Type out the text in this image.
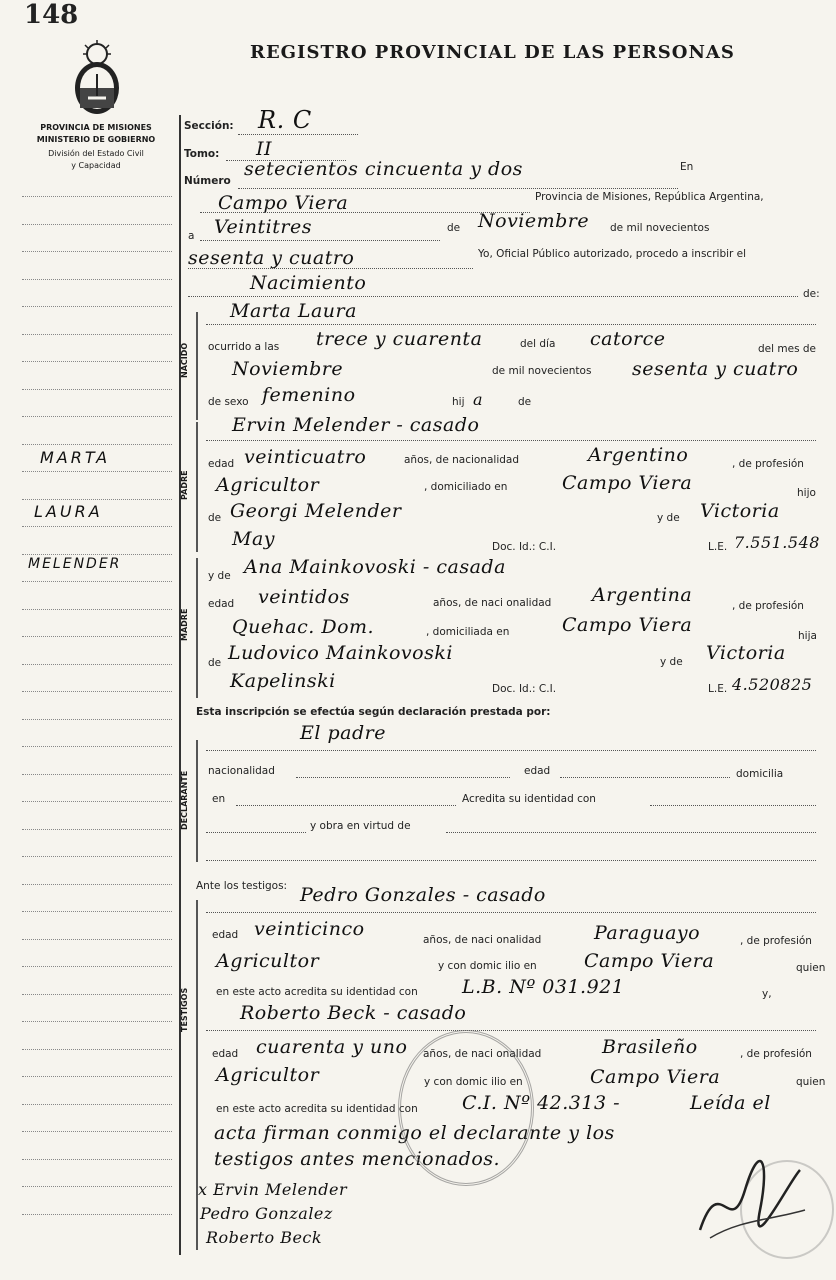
148
REGISTRO PROVINCIAL DE LAS PERSONAS
PROVINCIA DE MISIONES
MINISTERIO DE GOBIERNO
División del Estado Civil
y Capacidad
MARTA
LAURA
MELENDER
Sección: R. C
Tomo: II
Número
setecientos cincuenta y dos	En
Campo Viera	Provincia de Misiones, República Argentina,
a Veintitres	de Noviembre de mil novecientos
sesenta y cuatro	Yo, Oficial Público autorizado, procedo a inscribir el
Nacimiento	de:
NACIDO
Marta Laura
ocurrido a las trece y cuarenta	del día catorce	del mes de
Noviembre	de mil novecientos sesenta y cuatro
de sexo femenino	hij a	de
PADRE
Ervin Melender - casado
edad veinticuatro	años, de nacionalidad	Argentino	, de profesión
Agricultor	, domiciliado en	Campo Viera	hijo
de Georgi Melender	y de Victoria
May	Doc. Id.: C.I.	L.E. 7.551.548
MADRE
y de Ana Mainkovoski - casada
edad veintidos	años, de naci onalidad Argentina	, de profesión
Quehac. Dom.	, domiciliada en	Campo Viera	hija
de Ludovico Mainkovoski	y de Victoria
Kapelinski	Doc. Id.: C.I.	L.E. 4.520825
Esta inscripción se efectúa según declaración prestada por:
El padre
DECLARANTE	nacionalidad	edad	domicilia
en	Acredita su identidad con
y obra en virtud de
Ante los testigos:
TESTIGOS
Pedro Gonzales - casado
edad veinticinco	años, de naci onalidad	Paraguayo	, de profesión
Agricultor	y con domic ilio en Campo Viera	quien
en este acto acredita su identidad con L.B. Nº 031.921	y,
Roberto Beck - casado
edad cuarenta y uno años, de naci onalidad	Brasileño	, de profesión
Agricultor	y con domic ilio en	Campo Viera	quien
en este acto acredita su identidad con C.I. Nº 42.313 -	Leída el
acta firman conmigo el declarante y los
testigos antes mencionados.
x Ervin Melender
Pedro Gonzalez
Roberto Beck
